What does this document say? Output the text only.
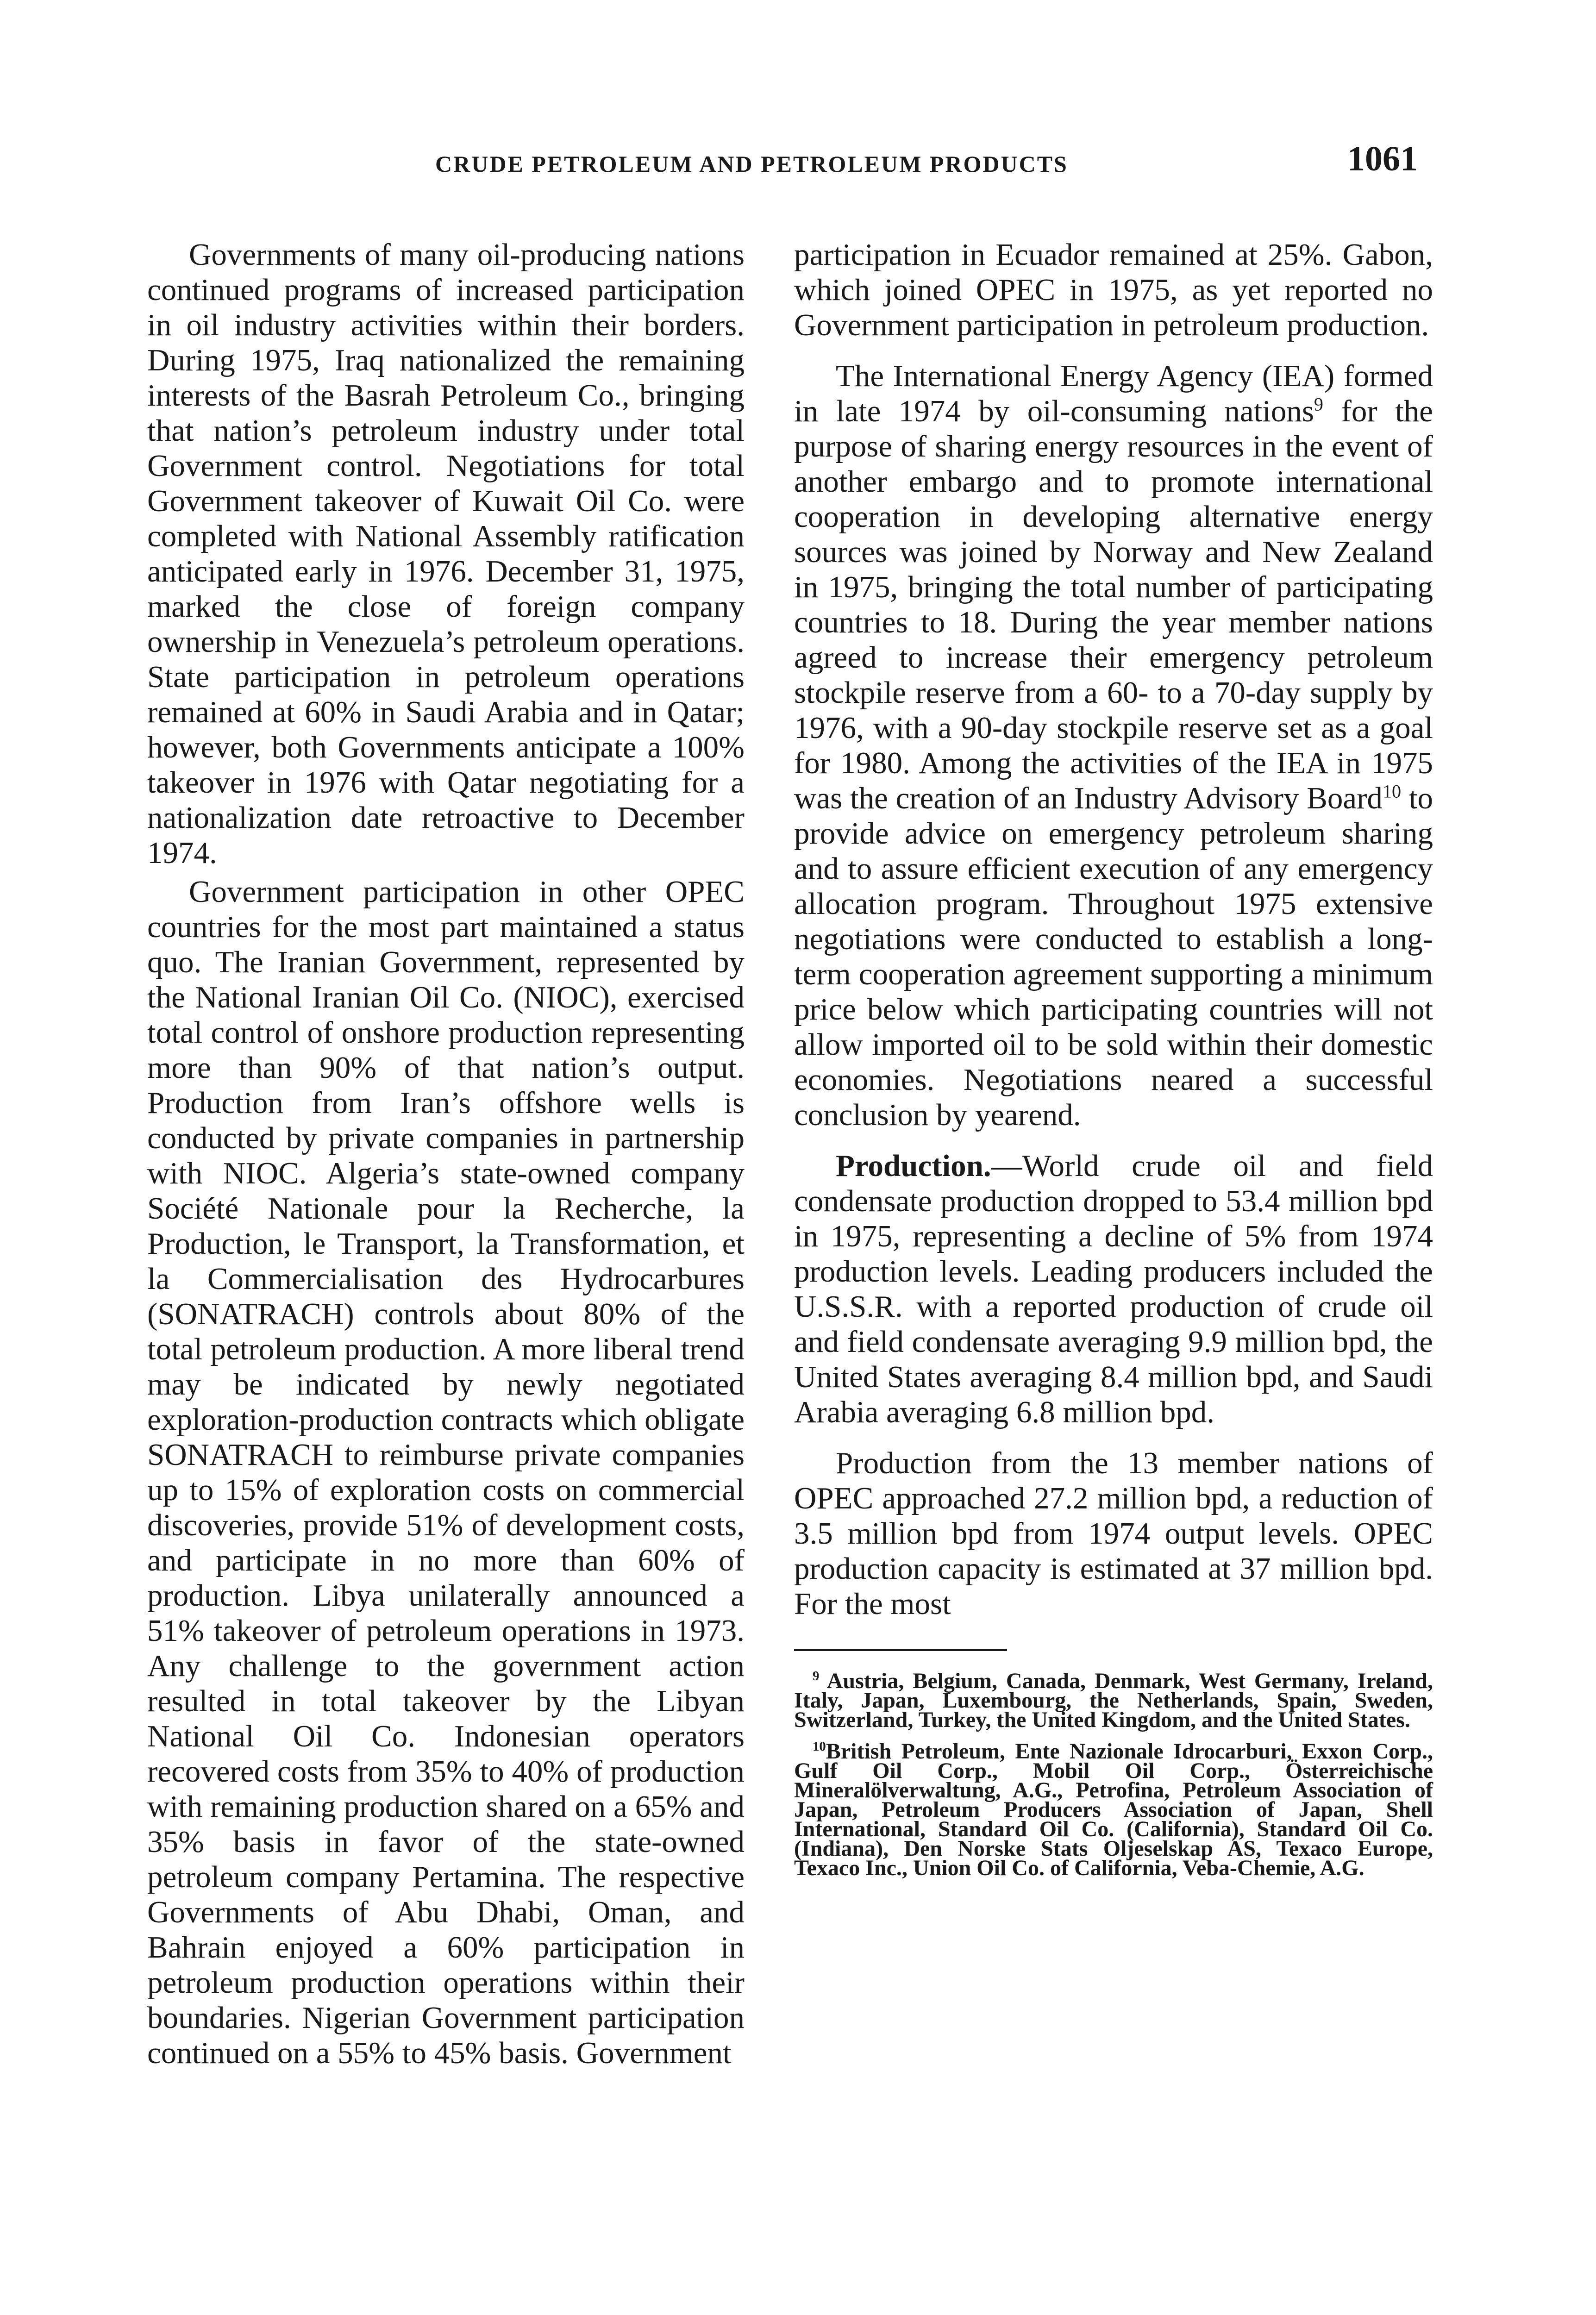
CRUDE PETROLEUM AND PETROLEUM PRODUCTS	1061

Governments of many oil-producing nations continued programs of increased participation in oil industry activities within their borders. During 1975, Iraq nationalized the remaining interests of the Basrah Petroleum Co., bringing that nation’s petroleum industry under total Government control. Negotiations for total Government takeover of Kuwait Oil Co. were completed with National Assembly ratification anticipated early in 1976. December 31, 1975, marked the close of foreign company ownership in Venezuela’s petroleum operations. State participation in petroleum operations remained at 60% in Saudi Arabia and in Qatar; however, both Governments anticipate a 100% takeover in 1976 with Qatar negotiating for a nationalization date retroactive to December 1974.

Government participation in other OPEC countries for the most part maintained a status quo. The Iranian Government, represented by the National Iranian Oil Co. (NIOC), exercised total control of onshore production representing more than 90% of that nation’s output. Production from Iran’s offshore wells is conducted by private companies in partnership with NIOC. Algeria’s state-owned company Société Nationale pour la Recherche, la Production, le Transport, la Transformation, et la Commercialisation des Hydrocarbures (SONATRACH) controls about 80% of the total petroleum production. A more liberal trend may be indicated by newly negotiated exploration-production contracts which obligate SONATRACH to reimburse private companies up to 15% of exploration costs on commercial discoveries, provide 51% of development costs, and participate in no more than 60% of production. Libya unilaterally announced a 51% takeover of petroleum operations in 1973. Any challenge to the government action resulted in total takeover by the Libyan National Oil Co. Indonesian operators recovered costs from 35% to 40% of production with remaining production shared on a 65% and 35% basis in favor of the state-owned petroleum company Pertamina. The respective Governments of Abu Dhabi, Oman, and Bahrain enjoyed a 60% participation in petroleum production operations within their boundaries. Nigerian Government participation continued on a 55% to 45% basis. Government

participation in Ecuador remained at 25%. Gabon, which joined OPEC in 1975, as yet reported no Government participation in petroleum production.

The International Energy Agency (IEA) formed in late 1974 by oil-consuming nations$^9$ for the purpose of sharing energy resources in the event of another embargo and to promote international cooperation in developing alternative energy sources was joined by Norway and New Zealand in 1975, bringing the total number of participating countries to 18. During the year member nations agreed to increase their emergency petroleum stockpile reserve from a 60- to a 70-day supply by 1976, with a 90-day stockpile reserve set as a goal for 1980. Among the activities of the IEA in 1975 was the creation of an Industry Advisory Board$^{10}$ to provide advice on emergency petroleum sharing and to assure efficient execution of any emergency allocation program. Throughout 1975 extensive negotiations were conducted to establish a long-term cooperation agreement supporting a minimum price below which participating countries will not allow imported oil to be sold within their domestic economies. Negotiations neared a successful conclusion by yearend.

Production.—World crude oil and field condensate production dropped to 53.4 million bpd in 1975, representing a decline of 5% from 1974 production levels. Leading producers included the U.S.S.R. with a reported production of crude oil and field condensate averaging 9.9 million bpd, the United States averaging 8.4 million bpd, and Saudi Arabia averaging 6.8 million bpd.

Production from the 13 member nations of OPEC approached 27.2 million bpd, a reduction of 3.5 million bpd from 1974 output levels. OPEC production capacity is estimated at 37 million bpd. For the most

$^9$ Austria, Belgium, Canada, Denmark, West Germany, Ireland, Italy, Japan, Luxembourg, the Netherlands, Spain, Sweden, Switzerland, Turkey, the United Kingdom, and the United States.

$^{10}$British Petroleum, Ente Nazionale Idrocarburi, Exxon Corp., Gulf Oil Corp., Mobil Oil Corp., Österreichische Mineralölverwaltung, A.G., Petrofina, Petroleum Association of Japan, Petroleum Producers Association of Japan, Shell International, Standard Oil Co. (California), Standard Oil Co. (Indiana), Den Norske Stats Oljeselskap AS, Texaco Europe, Texaco Inc., Union Oil Co. of California, Veba-Chemie, A.G.
